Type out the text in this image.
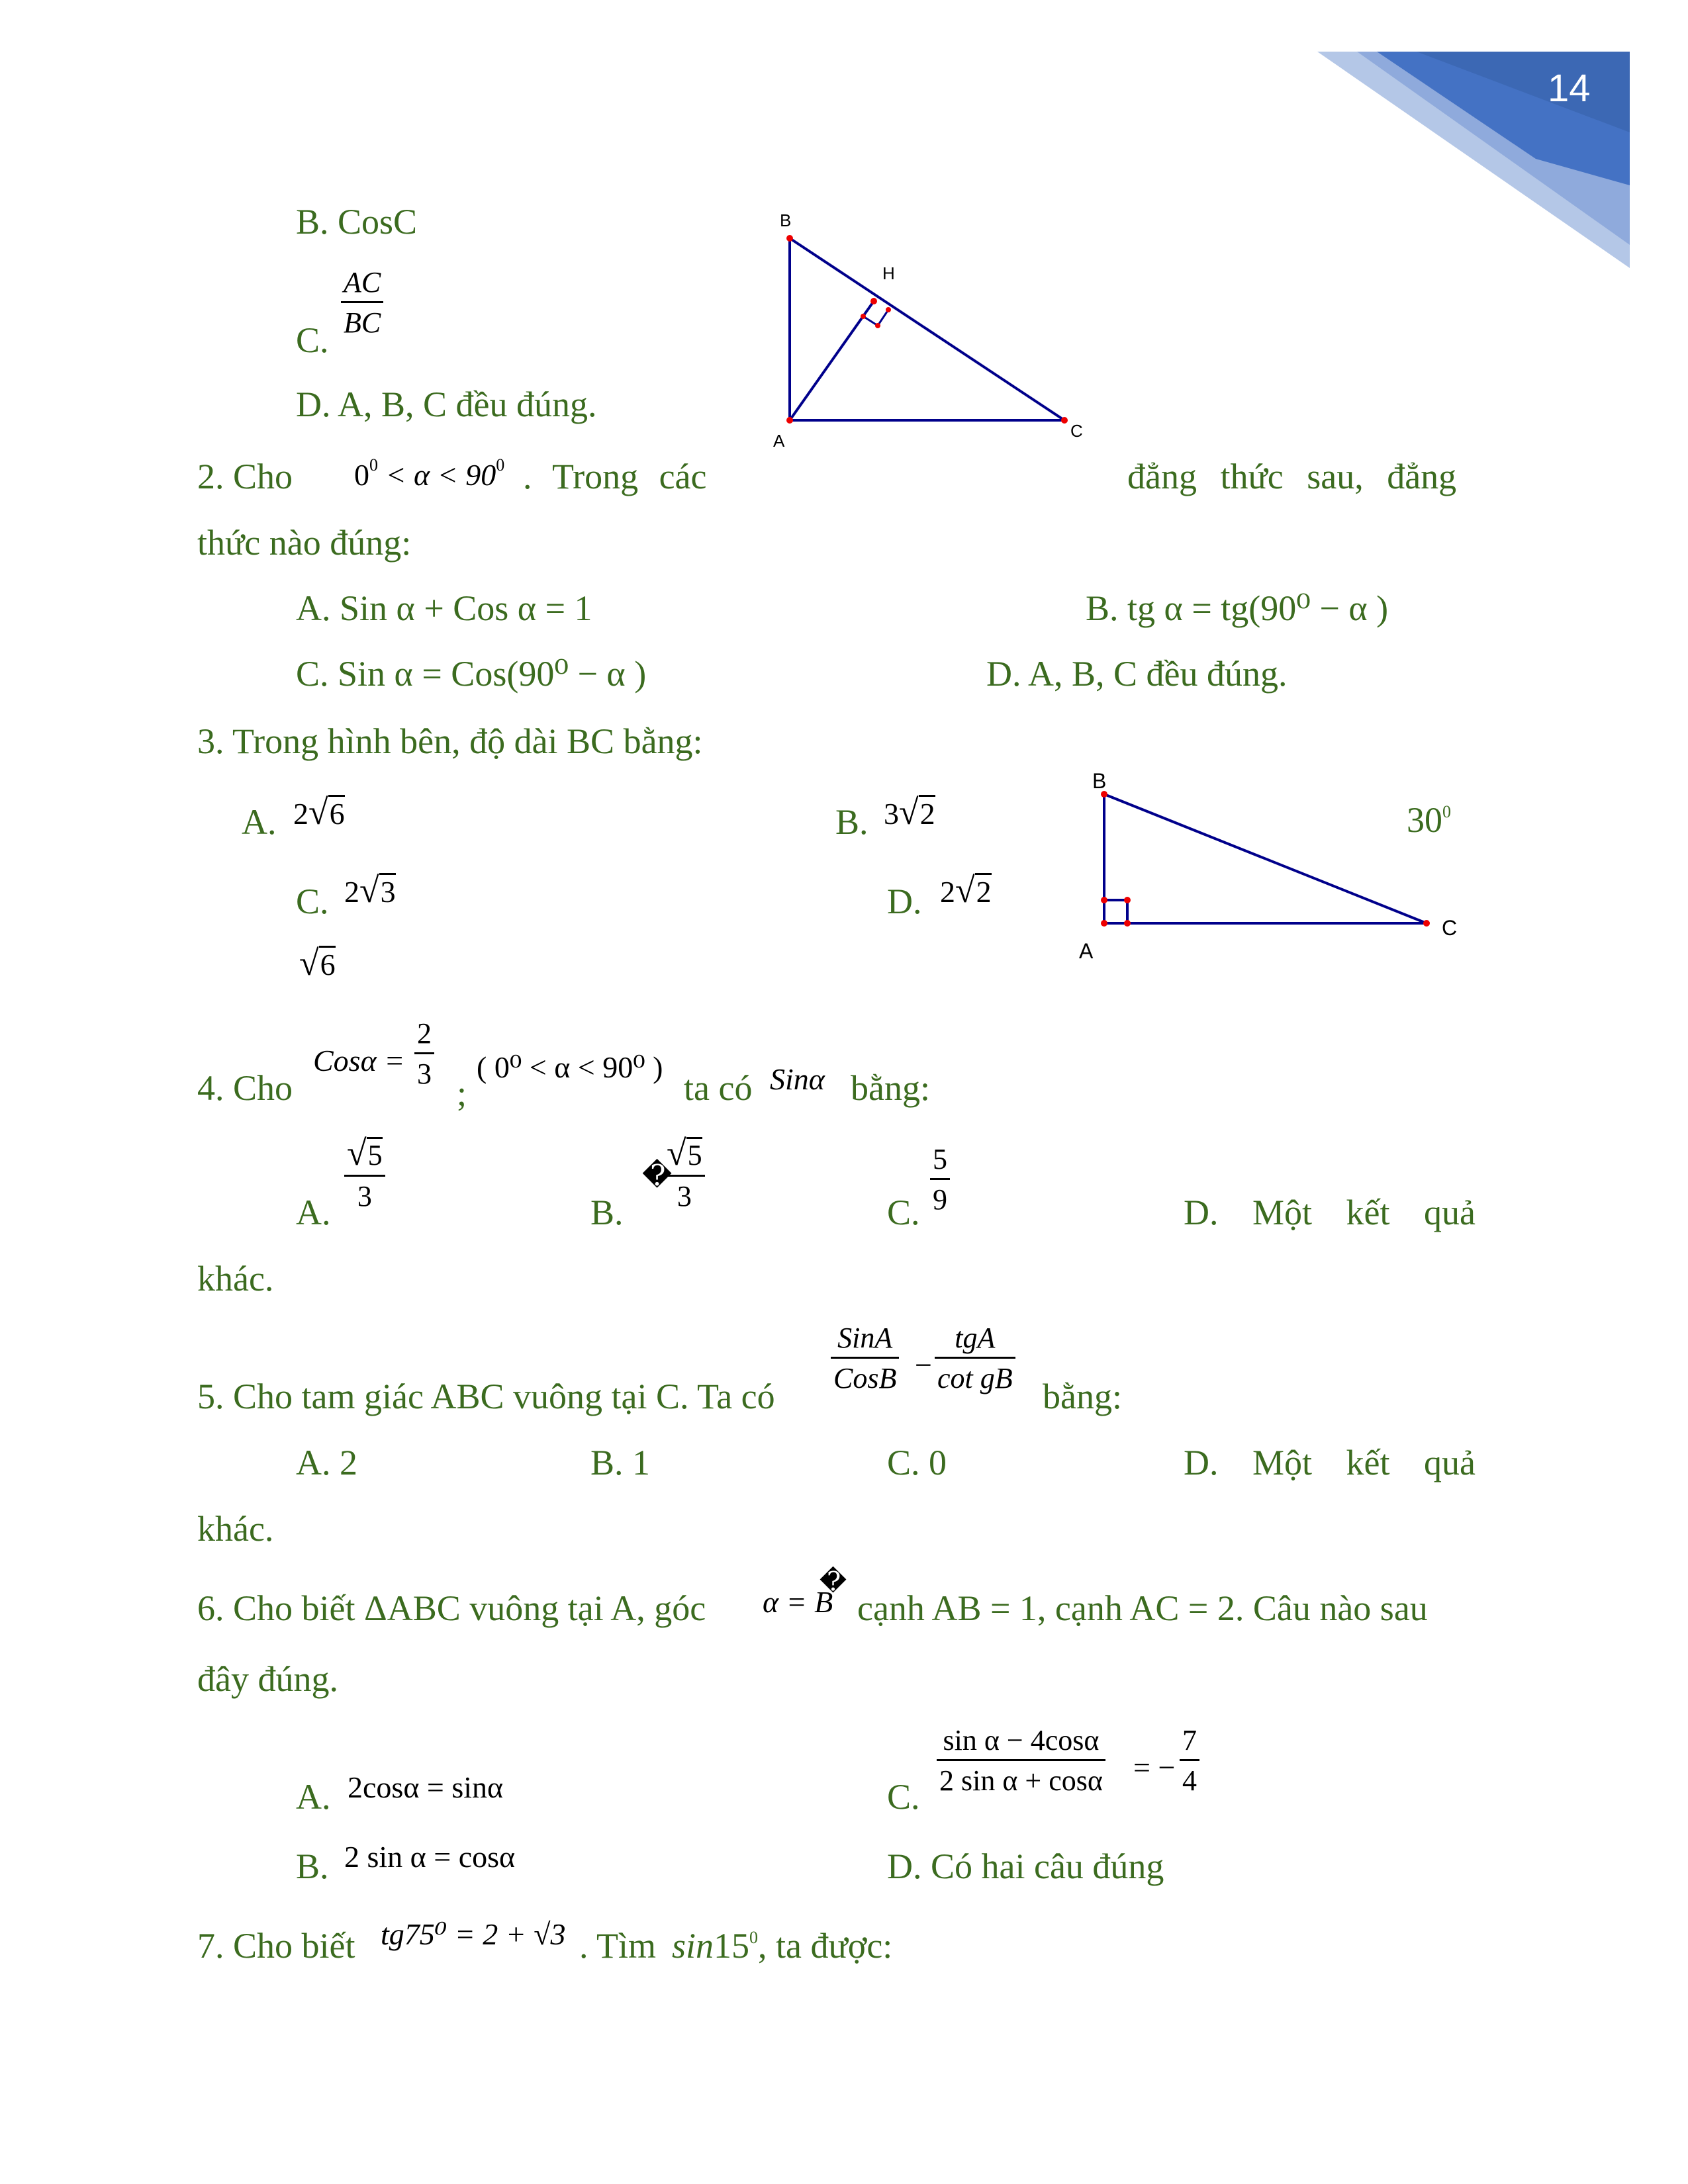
14
B
H
A	C
B. CosC
C.
$\frac{AC}{BC}$
D. A, B, C đều đúng.
2. Cho $0^0 < \alpha < 90^0$ . Trong các	đẳng thức sau, đẳng
thức nào đúng:
A. Sin α + Cos α = 1	B. tg α = tg(90⁰ − α )
C. Sin α = Cos(90⁰ − α )	D. A, B, C đều đúng.
3. Trong hình bên, độ dài BC bằng:
B
A
C
$30^0$
A. 2√6	B. 3√2
C. 2√3	D. 2√2
√6
4. Cho
$Cos\alpha = \frac{2}{3}$
;
( 0⁰ < α < 90⁰ )
ta có Sinα bằng:
A.
$\frac{√5}{3}$
B.
�
$\frac{√5}{3}$
C. $\frac{5}{9}$	D. Một kết quả
khác.
5. Cho tam giác ABC vuông tại C. Ta có
SinA
CosB −
tgA
cot gB bằng:
A. 2	B. 1	C. 0	D. Một kết quả
khác.
6. Cho biết ΔABC vuông tại A, góc α = B
�
cạnh AB = 1, cạnh AC = 2. Câu nào sau
đây đúng.
A. 2cosα = sinα	C.
$\frac{\text{sin α − 4cosα}}{\text{2 sin α + cosα}}$ = − $\frac{7}{4}$
B. 2 sin α = cosα	D. Có hai câu đúng
7. Cho biết tg75⁰ = 2 + √3 . Tìm $\sin 15^0$, ta được:
